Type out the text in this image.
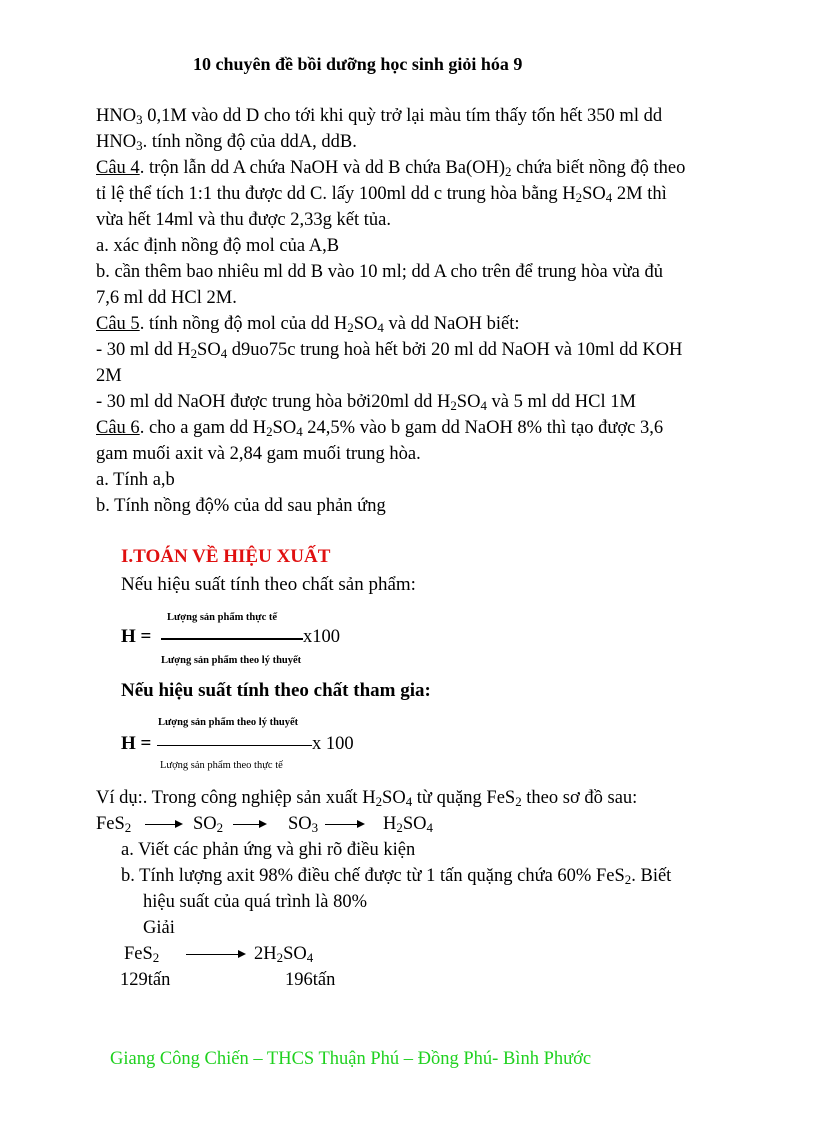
10 chuyên đề bồi dưỡng học sinh giỏi hóa 9
$HNO_3$ 0,1M vào dd D cho tới khi quỳ trở lại màu tím thấy tốn hết 350 ml dd
$HNO_3$. tính nồng độ của ddA, ddB.
Câu 4. trộn lẫn dd A chứa NaOH và dd B chứa $Ba(OH)_2$ chứa biết nồng độ theo
tỉ lệ thể tích 1:1 thu được dd C. lấy 100ml dd c trung hòa bằng $H_2SO_4$ 2M thì
vừa hết 14ml và thu được 2,33g kết tủa.
a. xác định nồng độ mol của A,B
b. cần thêm bao nhiêu ml dd B vào 10 ml; dd A cho trên để trung hòa vừa đủ
7,6 ml dd HCl 2M.
Câu 5. tính nồng độ mol của dd $H_2SO_4$ và dd NaOH biết:
- 30 ml dd $H_2SO_4$ d9uo75c trung hoà hết bởi 20 ml dd NaOH và 10ml dd KOH
2M
- 30 ml dd NaOH được trung hòa bởi20ml dd $H_2SO_4$ và 5 ml dd HCl 1M
Câu 6. cho a gam dd $H_2SO_4$ 24,5% vào b gam dd NaOH 8% thì tạo được 3,6
gam muối axit và 2,84 gam muối trung hòa.
a. Tính a,b
b. Tính nồng độ% của dd sau phản ứng
I.TOÁN VỀ HIỆU XUẤT
Nếu hiệu suất tính theo chất sản phẩm:
Lượng sản phẩm thực tế
H =	x100
Lượng sản phẩm theo lý thuyết
Nếu hiệu suất tính theo chất tham gia:
Lượng sản phẩm theo lý thuyết
H =	x 100
Lượng sản phẩm theo thực tế
Ví dụ:. Trong công nghiệp sản xuất $H_2SO_4$ từ quặng FeS$_2$ theo sơ đồ sau:
FeS$_2$	$SO_2$	$SO_3$	$H_2SO_4$
a. Viết các phản ứng và ghi rõ điều kiện
b. Tính lượng axit 98% điều chế được từ 1 tấn quặng chứa 60% FeS$_2$. Biết
hiệu suất của quá trình là 80%
Giải
FeS$_2$	$2H_2SO_4$
129tấn	196tấn
Giang Công Chiến – THCS Thuận Phú – Đồng Phú- Bình Phước
